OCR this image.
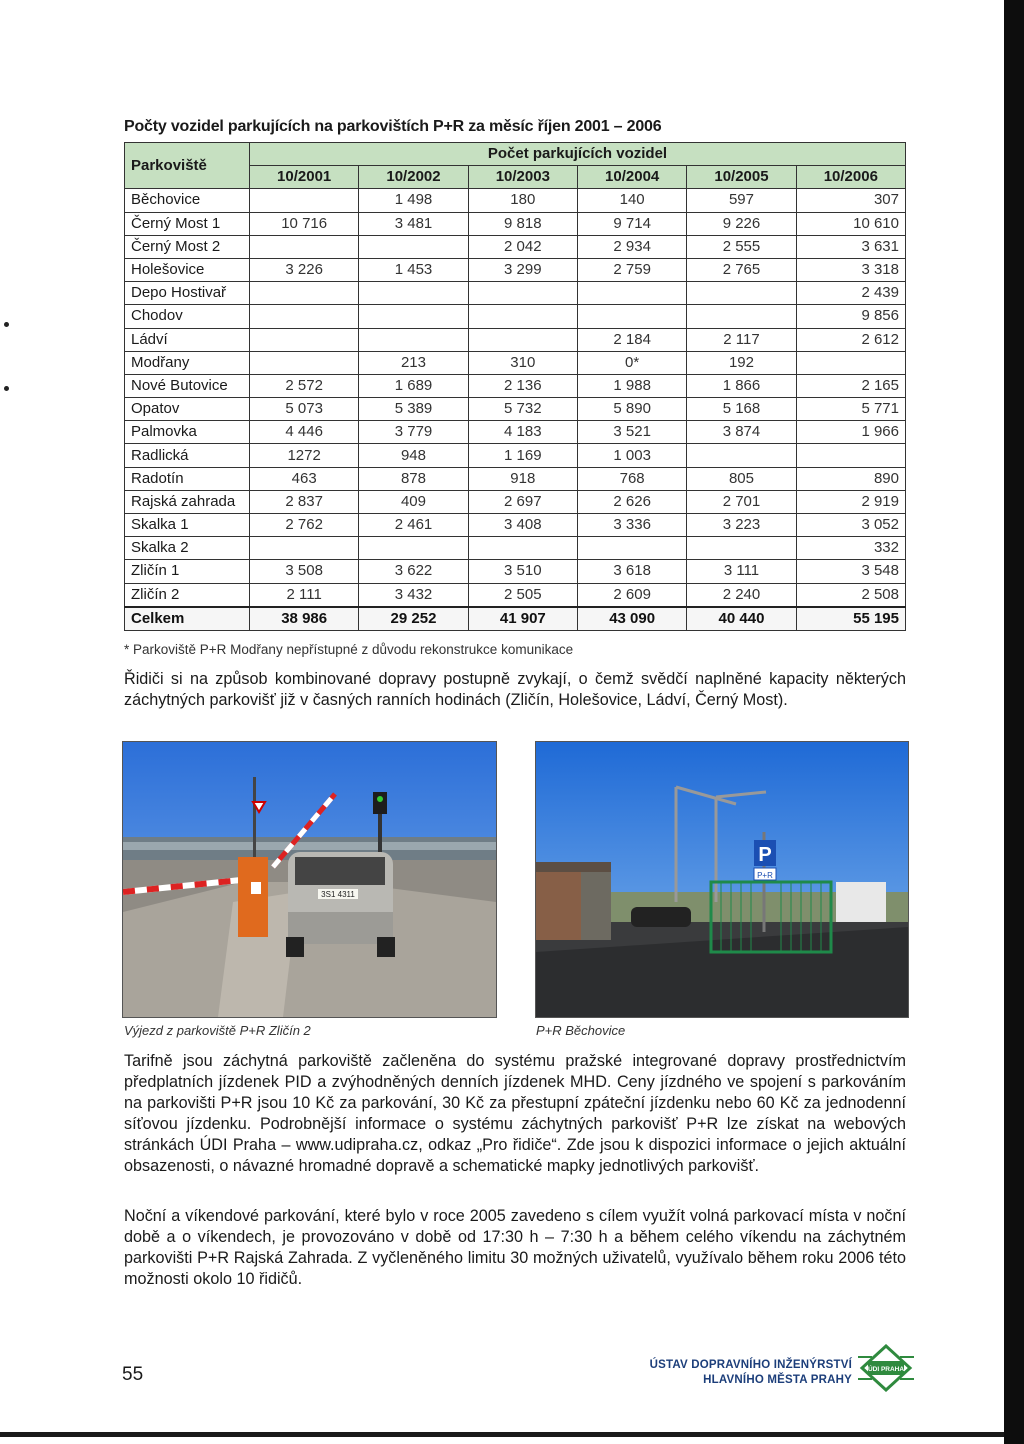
Počty vozidel parkujících na parkovištích P+R za měsíc říjen 2001 – 2006
Parkoviště	Počet parkujících vozidel					
	10/2001	10/2002	10/2003	10/2004	10/2005	10/2006
Běchovice		1 498	180	140	597	307
Černý Most 1	10 716	3 481	9 818	9 714	9 226	10 610
Černý Most 2			2 042	2 934	2 555	3 631
Holešovice	3 226	1 453	3 299	2 759	2 765	3 318
Depo Hostivař						2 439
Chodov						9 856
Ládví				2 184	2 117	2 612
Modřany		213	310	0*	192	
Nové Butovice	2 572	1 689	2 136	1 988	1 866	2 165
Opatov	5 073	5 389	5 732	5 890	5 168	5 771
Palmovka	4 446	3 779	4 183	3 521	3 874	1 966
Radlická	1272	948	1 169	1 003		
Radotín	463	878	918	768	805	890
Rajská zahrada	2 837	409	2 697	2 626	2 701	2 919
Skalka 1	2 762	2 461	3 408	3 336	3 223	3 052
Skalka 2						332
Zličín 1	3 508	3 622	3 510	3 618	3 111	3 548
Zličín 2	2 111	3 432	2 505	2 609	2 240	2 508
Celkem	38 986	29 252	41 907	43 090	40 440	55 195
* Parkoviště P+R Modřany nepřístupné z důvodu rekonstrukce komunikace
Řidiči si na způsob kombinované dopravy postupně zvykají, o čemž svědčí naplněné kapacity některých záchytných parkovišť již v časných ranních hodinách (Zličín, Holešovice, Ládví, Černý Most).
3S1 4311
P
P+R
Výjezd z parkoviště P+R Zličín 2	P+R Běchovice
Tarifně jsou záchytná parkoviště začleněna do systému pražské integrované dopravy prostřednictvím předplatních jízdenek PID a zvýhodněných denních jízdenek MHD. Ceny jízdného ve spojení s parkováním na parkovišti P+R jsou 10 Kč za parkování, 30 Kč za přestupní zpáteční jízdenku nebo 60 Kč za jednodenní síťovou jízdenku. Podrobnější informace o systému záchytných parkovišť P+R lze získat na webových stránkách ÚDI Praha – www.udipraha.cz, odkaz „Pro řidiče“. Zde jsou k dispozici informace o jejich aktuální obsazenosti, o návazné hromadné dopravě a schematické mapky jednotlivých parkovišť.
Noční a víkendové parkování, které bylo v roce 2005 zavedeno s cílem využít volná parkovací místa v noční době a o víkendech, je provozováno v době od 17:30 h – 7:30 h a během celého víkendu na záchytném parkovišti P+R Rajská Zahrada. Z vyčleněného limitu 30 možných uživatelů, využívalo během roku 2006 této možnosti okolo 10 řidičů.
55	ÚSTAV DOPRAVNÍHO INŽENÝRSTVÍ
HLAVNÍHO MĚSTA PRAHY
ÚDI PRAHA
